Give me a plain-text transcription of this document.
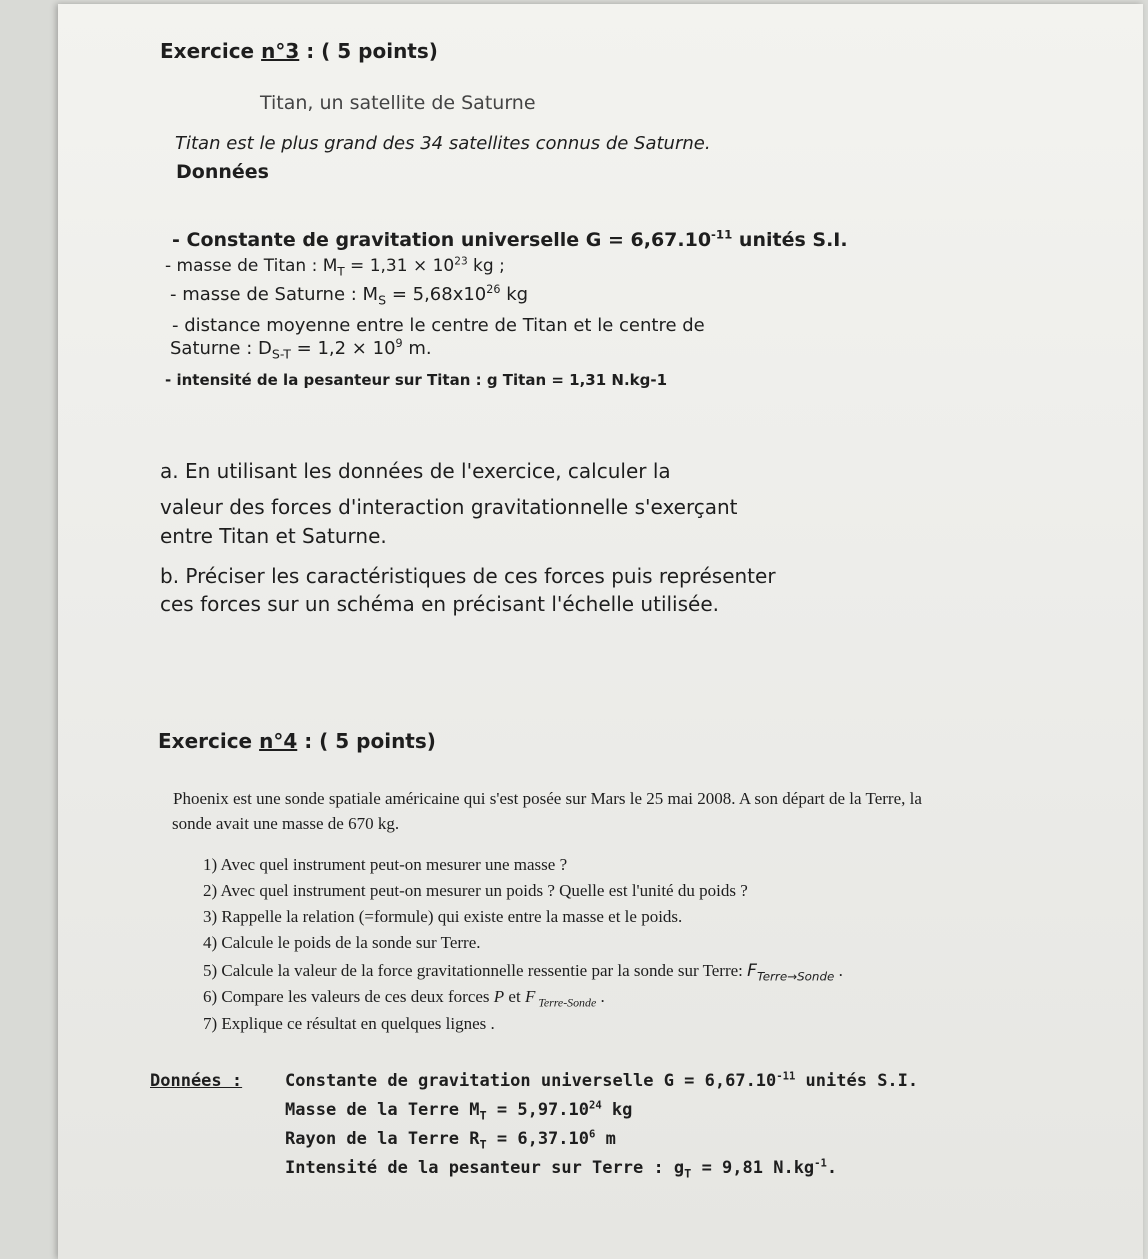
Exercice n°3 : ( 5 points)
Titan, un satellite de Saturne
Titan est le plus grand des 34 satellites connus de Saturne.
Données
- Constante de gravitation universelle $G = 6,67.10^{-11}$ unités S.I.
- masse de Titan : $M_T = 1,31 \times 10^{23}$ kg ;
- masse de Saturne : $M_S = 5,68x10^{26}$ kg
- distance moyenne entre le centre de Titan et le centre de
Saturne : $D_{S-T} = 1,2 \times 10^9$ m.
- intensité de la pesanteur sur Titan : g Titan = 1,31 N.kg-1
a. En utilisant les données de l'exercice, calculer la
valeur des forces d'interaction gravitationnelle s'exerçant
entre Titan et Saturne.
b. Préciser les caractéristiques de ces forces puis représenter
ces forces sur un schéma en précisant l'échelle utilisée.
Exercice n°4 : ( 5 points)
Phoenix est une sonde spatiale américaine qui s'est posée sur Mars le 25 mai 2008. A son départ de la Terre, la
sonde avait une masse de 670 kg.
1) Avec quel instrument peut-on mesurer une masse ?
2) Avec quel instrument peut-on mesurer un poids ? Quelle est l'unité du poids ?
3) Rappelle la relation (=formule) qui existe entre la masse et le poids.
4) Calcule le poids de la sonde sur Terre.
5) Calcule la valeur de la force gravitationnelle ressentie par la sonde sur Terre: $F_{Terre\to Sonde}$ .
6) Compare les valeurs de ces deux forces P et F $_{Terre-Sonde}$ .
7) Explique ce résultat en quelques lignes .
Données :	Constante de gravitation universelle $G = 6,67.10^{-11}$ unités S.I.
Masse de la Terre $M_T = 5,97.10^{24}$ kg
Rayon de la Terre $R_T = 6,37.10^6$ m
Intensité de la pesanteur sur Terre : $g_T = 9,81$ $N.kg^{-1}$.
